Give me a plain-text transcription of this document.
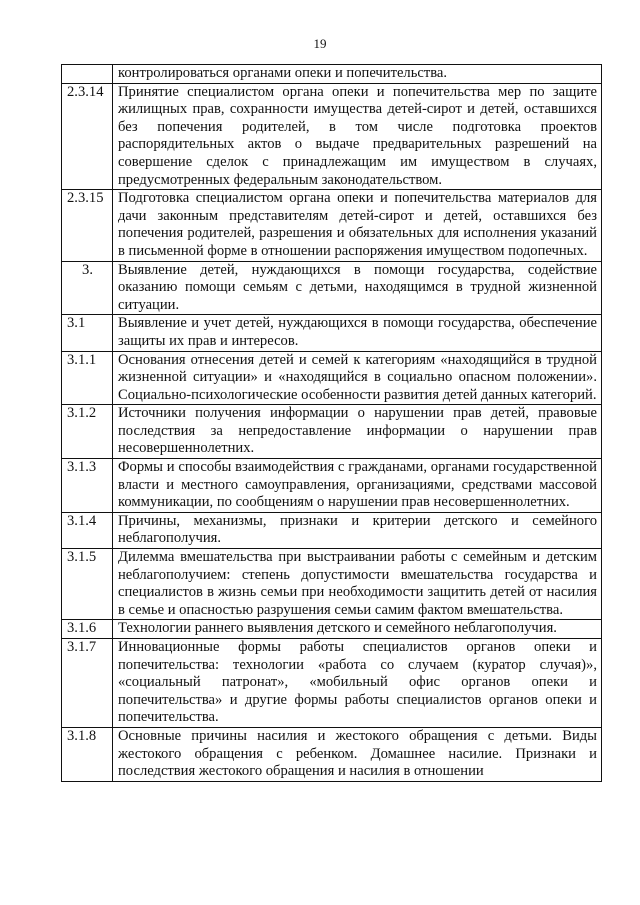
19
	контролироваться органами опеки и попечительства.
2.3.14	Принятие специалистом органа опеки и попечительства мер по защите жилищных прав, сохранности имущества детей-сирот и детей, оставшихся без попечения родителей, в том числе подготовка проектов распорядительных актов о выдаче предварительных разрешений на совершение сделок с принадлежащим им имуществом в случаях, предусмотренных федеральным законодательством.
2.3.15	Подготовка специалистом органа опеки и попечительства материалов для дачи законным представителям детей-сирот и детей, оставшихся без попечения родителей, разрешения и обязательных для исполнения указаний в письменной форме в отношении распоряжения имуществом подопечных.
3.	Выявление детей, нуждающихся в помощи государства, содействие оказанию помощи семьям с детьми, находящимся в трудной жизненной ситуации.
3.1	Выявление и учет детей, нуждающихся в помощи государства, обеспечение защиты их прав и интересов.
3.1.1	Основания отнесения детей и семей к категориям «находящийся в трудной жизненной ситуации» и «находящийся в социально опасном положении». Социально-психологические особенности развития детей данных категорий.
3.1.2	Источники получения информации о нарушении прав детей, правовые последствия за непредоставление информации о нарушении прав несовершеннолетних.
3.1.3	Формы и способы взаимодействия с гражданами, органами государственной власти и местного самоуправления, организациями, средствами массовой коммуникации, по сообщениям о нарушении прав несовершеннолетних.
3.1.4	Причины, механизмы, признаки и критерии детского и семейного неблагополучия.
3.1.5	Дилемма вмешательства при выстраивании работы с семейным и детским неблагополучием: степень допустимости вмешательства государства и специалистов в жизнь семьи при необходимости защитить детей от насилия в семье и опасностью разрушения семьи самим фактом вмешательства.
3.1.6	Технологии раннего выявления детского и семейного неблагополучия.
3.1.7	Инновационные формы работы специалистов органов опеки и попечительства: технологии «работа со случаем (куратор случая)», «социальный патронат», «мобильный офис органов опеки и попечительства» и другие формы работы специалистов органов опеки и попечительства.
3.1.8	Основные причины насилия и жестокого обращения с детьми. Виды жестокого обращения с ребенком. Домашнее насилие. Признаки и последствия жестокого обращения и насилия в отношении
